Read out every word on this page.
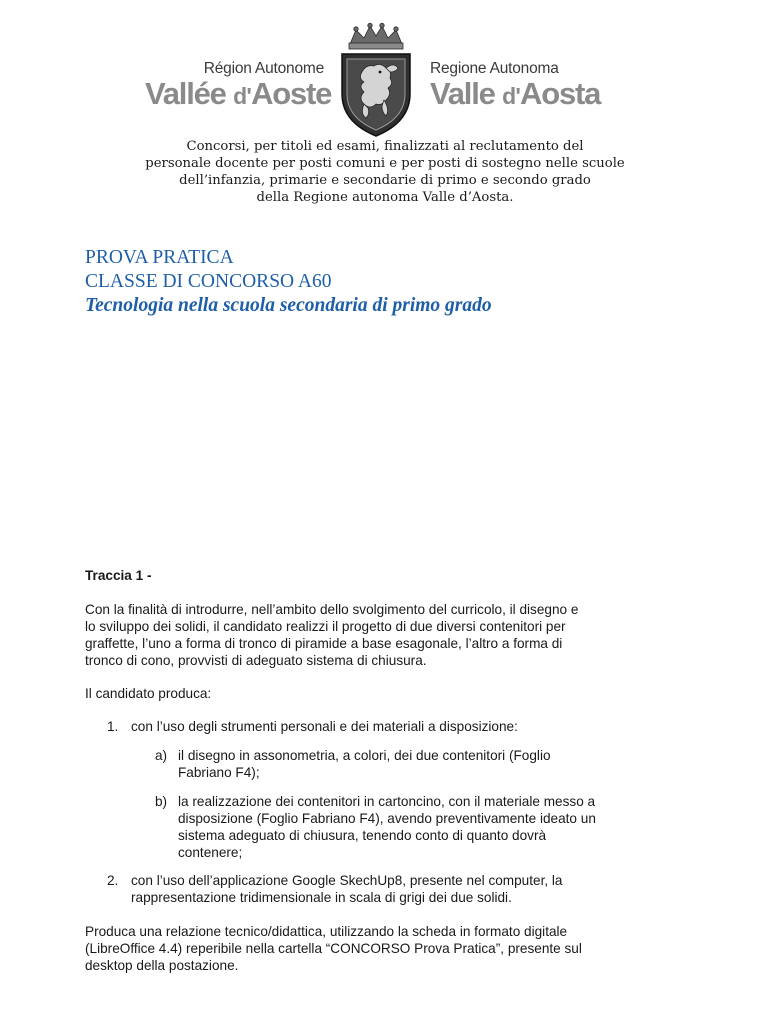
Région Autonome
Vallée d'Aoste
Regione Autonoma
Valle d'Aosta
Concorsi, per titoli ed esami, finalizzati al reclutamento del
personale docente per posti comuni e per posti di sostegno nelle scuole
dell’infanzia, primarie e secondarie di primo e secondo grado
della Regione autonoma Valle d’Aosta.
PROVA PRATICA
CLASSE DI CONCORSO A60
Tecnologia nella scuola secondaria di primo grado
Traccia 1 -
Con la finalità di introdurre, nell’ambito dello svolgimento del curricolo, il disegno e
lo sviluppo dei solidi, il candidato realizzi il progetto di due diversi contenitori per
graffette, l’uno a forma di tronco di piramide a base esagonale, l’altro a forma di
tronco di cono, provvisti di adeguato sistema di chiusura.
Il candidato produca:
1. con l’uso degli strumenti personali e dei materiali a disposizione:
a) il disegno in assonometria, a colori, dei due contenitori (Foglio
Fabriano F4);
b) la realizzazione dei contenitori in cartoncino, con il materiale messo a
disposizione (Foglio Fabriano F4), avendo preventivamente ideato un
sistema adeguato di chiusura, tenendo conto di quanto dovrà
contenere;
2. con l’uso dell’applicazione Google SkechUp8, presente nel computer, la
rappresentazione tridimensionale in scala di grigi dei due solidi.
Produca una relazione tecnico/didattica, utilizzando la scheda in formato digitale
(LibreOffice 4.4) reperibile nella cartella “CONCORSO Prova Pratica”, presente sul
desktop della postazione.
